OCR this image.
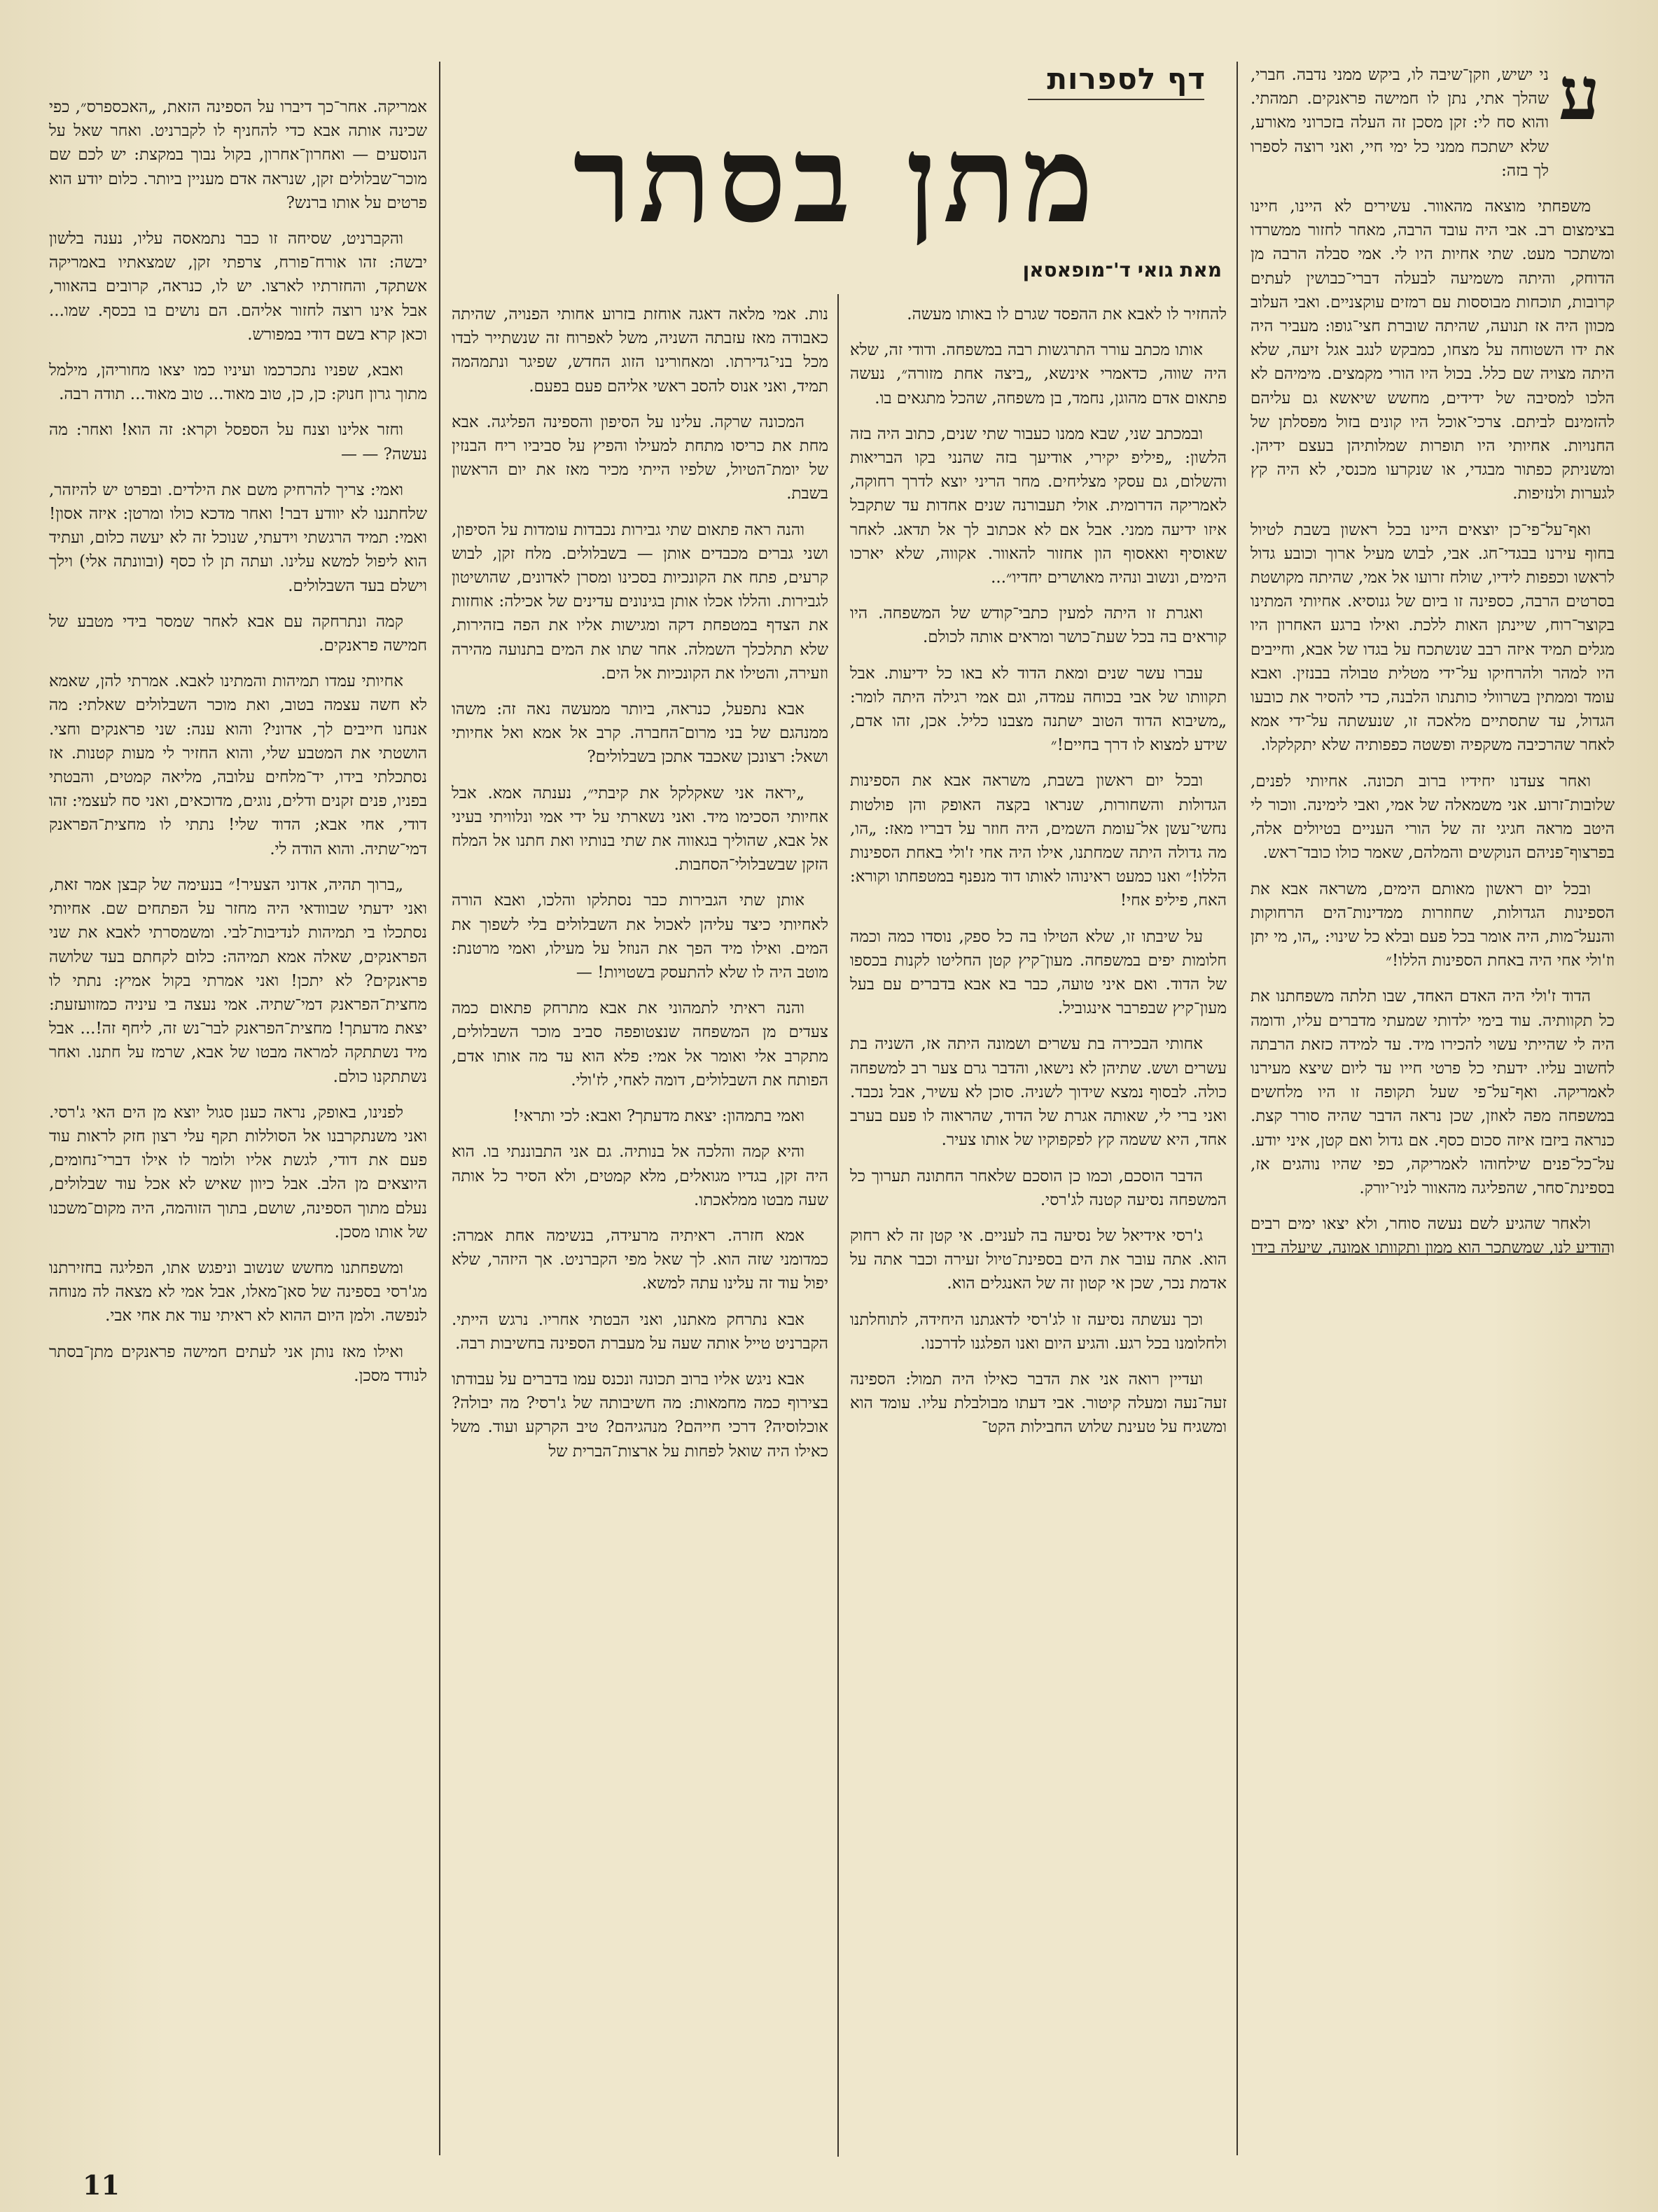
דף לספרות
מתן בסתר
מאת גואי ד'־מופאסאן
ע

ני ישיש, וזקן־שיבה לו, ביקש ממני נדבה. חברי, שהלך אתי, נתן לו חמישה פראנקים. תמהתי. והוא סח לי: זקן מסכן זה העלה בזכרוני מאורע, שלא ישתכח ממני כל ימי חיי, ואני רוצה לספרו לך בזה:

משפחתי מוצאה מהאוור. עשירים לא היינו, חיינו בצימצום רב. אבי היה עובד הרבה, מאחר לחזור ממשרדו ומשתכר מעט. שתי אחיות היו לי. אמי סבלה הרבה מן הדוחק, והיתה משמיעה לבעלה דברי־כבושין לעתים קרובות, תוכחות מבוססות עם רמזים עוקצניים. ואבי העלוב מכוון היה אז תנועה, שהיתה שוברת חצי־גופו: מעביר היה את ידו השטוחה על מצחו, כמבקש לנגב אגל זיעה, שלא היתה מצויה שם כלל. בכול היו הורי מקמצים. מימיהם לא הלכו למסיבה של ידידים, מחשש שיאשא גם עליהם להזמינם לביתם. צרכי־אוכל היו קונים בזול מפסלתן של החנויות. אחיותי היו תופרות שמלותיהן בעצם ידיהן. ומשניתק כפתור מבגדי, או שנקרעו מכנסי, לא היה קץ לגערות ולנזיפות.

ואף־על־פי־כן יוצאים היינו בכל ראשון בשבת לטיול בחוף עירנו בבגדי־חג. אבי, לבוש מעיל ארוך וכובע גדול לראשו וכפפות לידיו, שולח זרועו אל אמי, שהיתה מקושטת בסרטים הרבה, כספינה זו ביום של גנוסיא. אחיותי המתינו בקוצר־רוח, שיינתן האות ללכת. ואילו ברגע האחרון היו מגלים תמיד איזה רבב שנשתכח על בגדו של אבא, וחייבים היו למהר ולהרחיקו על־ידי מטלית טבולה בבנזין. ואבא עומד וממתין בשרוולי כותנתו הלבנה, כדי להסיר את כובעו הגדול, עד שתסתיים מלאכה זו, שנעשתה על־ידי אמא לאחר שהרכיבה משקפיה ופשטה כפפותיה שלא יתקלקלו.

ואחר צעדנו יחידיו ברוב תכונה. אחיותי לפנים, שלובות־זרוע. אני משמאלה של אמי, ואבי לימינה. ווכור לי היטב מראה חגיגי זה של הורי העניים בטיולים אלה, בפרצוף־פניהם הנוקשים והמלהם, שאמר כולו כובד־ראש.

ובכל יום ראשון מאותם הימים, משראה אבא את הספינות הגדולות, שחוזרות ממדינות־הים הרחוקות והנעל־מות, היה אומר בכל פעם ובלא כל שינוי: „הו, מי יתן וז'ולי אחי היה באחת הספינות הללו!״

הדוד ז'ולי היה האדם האחד, שבו תלתה משפחתנו את כל תקוותיה. עוד בימי ילדותי שמעתי מדברים עליו, ודומה היה לי שהייתי עשוי להכירו מיד. עד למידה כזאת הרבתה לחשוב עליו. ידעתי כל פרטי חייו עד ליום שיצא מעירנו לאמריקה. ואף־על־פי שעל תקופה זו היו מלחשים במשפחה מפה לאוזן, שכן נראה הדבר שהיה סורר קצת. כנראה ביזבז איזה סכום כסף. אם גדול ואם קטן, איני יודע. על־כל־פנים שילחוהו לאמריקה, כפי שהיו נוהגים אז, בספינת־סחר, שהפליגה מהאוור לניו־יורק.

ולאחר שהגיע לשם נעשה סוחר, ולא יצאו ימים רבים והודיע לנו, שמשתכר הוא ממון ותקוותו אמונה, שיעלה בידו

להחזיר לו לאבא את ההפסד שגרם לו באותו מעשה.

אותו מכתב עורר התרגשות רבה במשפחה. ודודי זה, שלא היה שווה, כדאמרי אינשא, „ביצה אחת מזורה״, נעשה פתאום אדם מהוגן, נחמד, בן משפחה, שהכל מתגאים בו.

ובמכתב שני, שבא ממנו כעבור שתי שנים, כתוב היה בזה הלשון: „פיליפ יקירי, אודיעך בזה שהנני בקו הבריאות והשלום, גם עסקי מצליחים. מחר הריני יוצא לדרך רחוקה, לאמריקה הדרומית. אולי תעבורנה שנים אחדות עד שתקבל איזו ידיעה ממני. אבל אם לא אכתוב לך אל תדאג. לאחר שאוסיף ואאסוף הון אחזור להאוור. אקווה, שלא יארכו הימים, ונשוב ונהיה מאושרים יחדיו״...

ואגרת זו היתה למעין כתבי־קודש של המשפחה. היו קוראים בה בכל שעת־כושר ומראים אותה לכולם.

עברו עשר שנים ומאת הדוד לא באו כל ידיעות. אבל תקוותו של אבי בכוחה עמדה, וגם אמי רגילה היתה לומר: „משיבוא הדוד הטוב ישתנה מצבנו כליל. אכן, זהו אדם, שידע למצוא לו דרך בחיים!״

ובכל יום ראשון בשבת, משראה אבא את הספינות הגדולות והשחורות, שנראו בקצה האופק והן פולטות נחשי־עשן אל־עומת השמים, היה חוזר על דבריו מאז: „הו, מה גדולה היתה שמחתנו, אילו היה אחי ז'ולי באחת הספינות הללו!״ ואנו כמעט ראינוהו לאותו דוד מנפנף במטפחתו וקורא: האח, פיליפ אחי!

על שיבתו זו, שלא הטילו בה כל ספק, נוסדו כמה וכמה חלומות יפים במשפחה. מעון־קיץ קטן החליטו לקנות בכספו של הדוד. ואם איני טועה, כבר בא אבא בדברים עם בעל מעון־קיץ שבפרבר אינגוביל.

אחותי הבכירה בת עשרים ושמונה היתה אז, השניה בת עשרים ושש. שתיהן לא נישאו, והדבר גרם צער רב למשפחה כולה. לבסוף נמצא שידוך לשניה. סוכן לא עשיר, אבל נכבד. ואני ברי לי, שאותה אגרת של הדוד, שהראוה לו פעם בערב אחד, היא ששמה קץ לפקפוקיו של אותו צעיר.

הדבר הוסכם, וכמו כן הוסכם שלאחר החתונה תערוך כל המשפחה נסיעה קטנה לג'רסי.

ג'רסי אידיאל של נסיעה בה לעניים. אי קטן זה לא רחוק הוא. אתה עובר את הים בספינת־טיול זעירה וכבר אתה על אדמת נכר, שכן אי קטון זה של האנגלים הוא.

וכך נעשתה נסיעה זו לג'רסי לדאגתנו היחידה, לתוחלתנו ולחלומנו בכל רגע. והגיע היום ואנו הפלגנו לדרכנו.

ועדיין רואה אני את הדבר כאילו היה תמול: הספינה זעה־נעה ומעלה קיטור. אבי דעתו מבולבלת עליו. עומד הוא ומשגיח על טעינת שלוש החבילות הקט־

נות. אמי מלאה דאגה אוחזת בזרוע אחותי הפנויה, שהיתה כאבודה מאז עזבתה השניה, משל לאפרוח זה שנשתייר לבדו מכל בני־גדירתו. ומאחורינו הזוג החדש, שפיגר ונתמהמה תמיד, ואני אנוס להסב ראשי אליהם פעם בפעם.

המכונה שרקה. עלינו על הסיפון והספינה הפליגה. אבא מחת את כריסו מתחת למעילו והפיץ על סביביו ריח הבנזין של יומת־הטיול, שלפיו הייתי מכיר מאז את יום הראשון בשבת.

והנה ראה פתאום שתי גבירות נכבדות עומדות על הסיפון, ושני גברים מכבדים אותן — בשבלולים. מלח זקן, לבוש קרעים, פתח את הקונכיות בסכינו ומסרן לאדונים, שהושיטון לגבירות. והללו אכלו אותן בגינונים עדינים של אכילה: אוחזות את הצדף במטפחת דקה ומגישות אליו את הפה בזהירות, שלא תתלכלך השמלה. אחר שתו את המים בתנועה מהירה וזעירה, והטילו את הקונכיות אל הים.

אבא נתפעל, כנראה, ביותר ממעשה נאה זה: משהו ממנהגם של בני מרום־החברה. קרב אל אמא ואל אחיותי ושאל: רצונכן שאכבד אתכן בשבלולים?

„יראה אני שאקלקל את קיבתי״, נענתה אמא. אבל אחיותי הסכימו מיד. ואני נשארתי על ידי אמי ונלוויתי בעיני אל אבא, שהוליך בגאווה את שתי בנותיו ואת חתנו אל המלח הזקן שבשבלולי־הסחבות.

אותן שתי הגבירות כבר נסתלקו והלכו, ואבא הורה לאחיותי כיצד עליהן לאכול את השבלולים בלי לשפוך את המים. ואילו מיד הפך את הנוזל על מעילו, ואמי מרטנת: מוטב היה לו שלא להתעסק בשטויות! —

והנה ראיתי לתמהוני את אבא מתרחק פתאום כמה צעדים מן המשפחה שנצטופפה סביב מוכר השבלולים, מתקרב אלי ואומר אל אמי: פלא הוא עד מה אותו אדם, הפותח את השבלולים, דומה לאחי, לז'ולי.

ואמי בתמהון: יצאת מדעתך? ואבא: לכי ותראי!

והיא קמה והלכה אל בנותיה. גם אני התבוננתי בו. הוא היה זקן, בגדיו מגואלים, מלא קמטים, ולא הסיר כל אותה שעה מבטו ממלאכתו.

אמא חזרה. ראיתיה מרעידה, בנשימה אחת אמרה: כמדומני שזה הוא. לך שאל מפי הקברניט. אך היזהר, שלא יפול עוד זה עלינו עתה למשא.

אבא נתרחק מאתנו, ואני הבטתי אחריו. נרגש הייתי. הקברניט טייל אותה שעה על מעברת הספינה בחשיבות רבה.

אבא ניגש אליו ברוב תכונה ונכנס עמו בדברים על עבודתו בצירוף כמה מחמאות: מה חשיבותה של ג'רסי? מה יבולה? אוכלוסיה? דרכי חייהם? מנהגיהם? טיב הקרקע ועוד. משל כאילו היה שואל לפחות על ארצות־הברית של

אמריקה. אחר־כך דיברו על הספינה הזאת, „האכספרס״, כפי שכינה אותה אבא כדי להחניף לו לקברניט. ואחר שאל על הנוסעים — ואחרון־אחרון, בקול נבוך במקצת: יש לכם שם מוכר־שבלולים זקן, שנראה אדם מעניין ביותר. כלום יודע הוא פרטים על אותו ברנש?

והקברניט, שסיחה זו כבר נתמאסה עליו, נענה בלשון יבשה: זהו אורח־פורח, צרפתי זקן, שמצאתיו באמריקה אשתקד, והחזרתיו לארצו. יש לו, כנראה, קרובים בהאוור, אבל אינו רוצה לחזור אליהם. הם נושים בו בכסף. שמו... וכאן קרא בשם דודי במפורש.

ואבא, שפניו נתכרכמו ועיניו כמו יצאו מחוריהן, מילמל מתוך גרון חנוק: כן, כן, טוב מאוד... טוב מאוד... תודה רבה.

וחזר אלינו וצנח על הספסל וקרא: זה הוא! ואחר: מה נעשה? — —

ואמי: צריך להרחיק משם את הילדים. ובפרט יש להיזהר, שלחתננו לא יוודע דבר! ואחר מדכא כולו ומרטן: איזה אסון! ואמי: תמיד הרגשתי וידעתי, שנוכל זה לא יעשה כלום, ועתיד הוא ליפול למשא עלינו. ועתה תן לו כסף (ובוונתה אלי) וילך וישלם בעד השבלולים.

קמה ונתרחקה עם אבא לאחר שמסר בידי מטבע של חמישה פראנקים.

אחיותי עמדו תמיהות והמתינו לאבא. אמרתי להן, שאמא לא חשה עצמה בטוב, ואת מוכר השבלולים שאלתי: מה אנחנו חייבים לך, אדוני? והוא ענה: שני פראנקים וחצי. הושטתי את המטבע שלי, והוא החזיר לי מעות קטנות. אז נסתכלתי בידו, יד־מלחים עלובה, מליאה קמטים, והבטתי בפניו, פנים זקנים ודלים, נוגים, מדוכאים, ואני סח לעצמי: זהו דודי, אחי אבא; הדוד שלי! נתתי לו מחצית־הפראנק דמי־שתיה. והוא הודה לי.

„ברוך תהיה, אדוני הצעיר!״ בנעימה של קבצן אמר זאת, ואני ידעתי שבוודאי היה מחזר על הפתחים שם. אחיותי נסתכלו בי תמיהות לנדיבות־לבי. ומשמסרתי לאבא את שני הפראנקים, שאלה אמא תמיהה: כלום לקחתם בעד שלושה פראנקים? לא יתכן! ואני אמרתי בקול אמיץ: נתתי לו מחצית־הפראנק דמי־שתיה. אמי נעצה בי עיניה כמזוועזעת: יצאת מדעתך! מחצית־הפראנק לבר־נש זה, ליחף זה!... אבל מיד נשתתקה למראה מבטו של אבא, שרמז על חתנו. ואחר נשתתקנו כולם.

לפנינו, באופק, נראה כענן סגול יוצא מן הים האי ג'רסי. ואני משנתקרבנו אל הסוללות תקף עלי רצון חזק לראות עוד פעם את דודי, לגשת אליו ולומר לו אילו דברי־נחומים, היוצאים מן הלב. אבל כיוון שאיש לא אכל עוד שבלולים, נעלם מתוך הספינה, שושם, בתוך הזוהמה, היה מקום־משכנו של אותו מסכן.

ומשפחתנו מחשש שנשוב וניפגש אתו, הפליגה בחזירתנו מג'רסי בספינה של סאן־מאלו, אבל אמי לא מצאה לה מנוחה לנפשה. ולמן היום ההוא לא ראיתי עוד את אחי אבי.

ואילו מאז נותן אני לעתים חמישה פראנקים מתן־בסתר לנודד מסכן.

11
